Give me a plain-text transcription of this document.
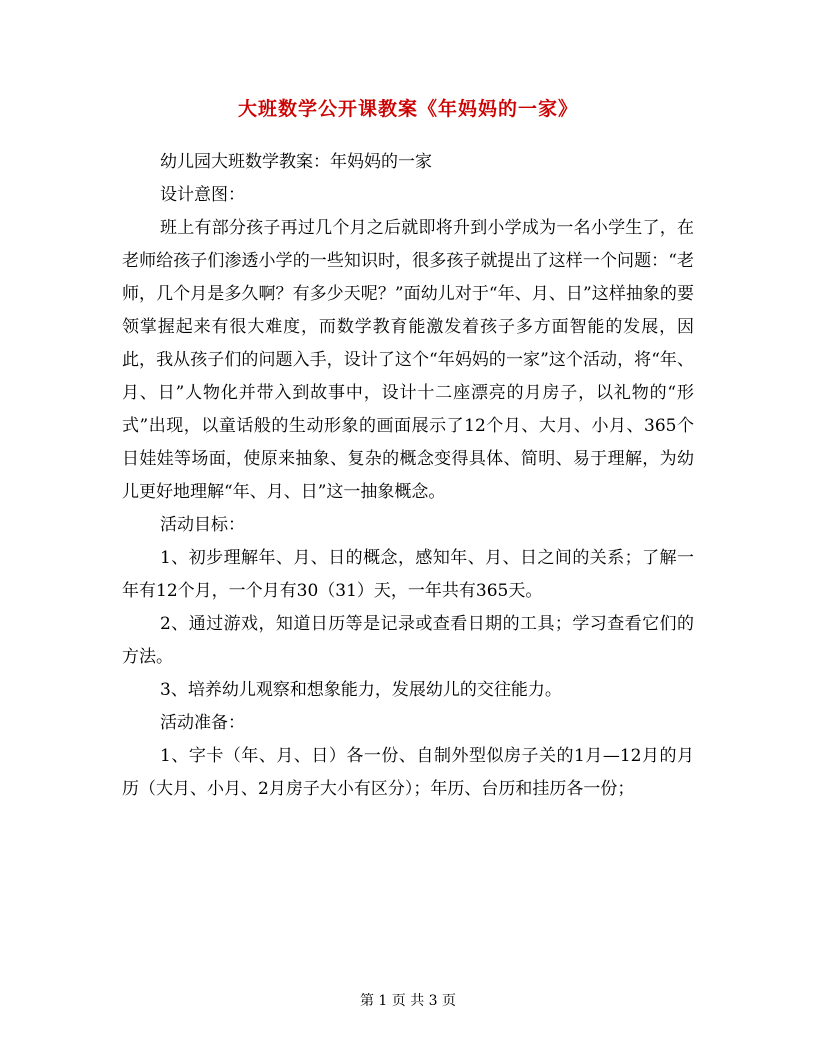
大班数学公开课教案《年妈妈的一家》

幼儿园大班数学教案：年妈妈的一家

设计意图：

班上有部分孩子再过几个月之后就即将升到小学成为一名小学生了，在老师给孩子们渗透小学的一些知识时，很多孩子就提出了这样一个问题：“老师，几个月是多久啊？有多少天呢？”面幼儿对于“年、月、日”这样抽象的要领掌握起来有很大难度，而数学教育能激发着孩子多方面智能的发展，因此，我从孩子们的问题入手，设计了这个“年妈妈的一家”这个活动，将“年、月、日”人物化并带入到故事中，设计十二座漂亮的月房子，以礼物的“形式”出现，以童话般的生动形象的画面展示了12个月、大月、小月、365个日娃娃等场面，使原来抽象、复杂的概念变得具体、简明、易于理解，为幼儿更好地理解“年、月、日”这一抽象概念。

活动目标：

1、初步理解年、月、日的概念，感知年、月、日之间的关系；了解一年有12个月，一个月有30（31）天，一年共有365天。

2、通过游戏，知道日历等是记录或查看日期的工具；学习查看它们的方法。

3、培养幼儿观察和想象能力，发展幼儿的交往能力。

活动准备：

1、字卡（年、月、日）各一份、自制外型似房子关的1月—12月的月历（大月、小月、2月房子大小有区分）；年历、台历和挂历各一份；

第 1 页 共 3 页
